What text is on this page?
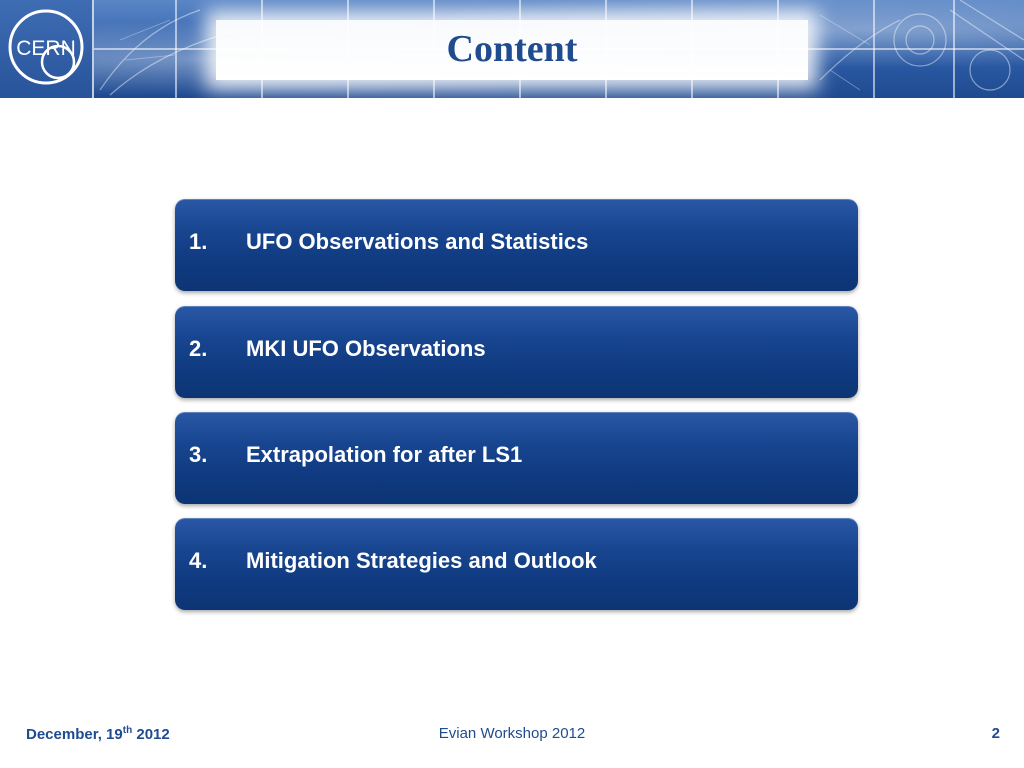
CERN	Content
1. UFO Observations and Statistics
2. MKI UFO Observations
3. Extrapolation for after LS1
4. Mitigation Strategies and Outlook
December, 19th 2012	Evian Workshop 2012	2
